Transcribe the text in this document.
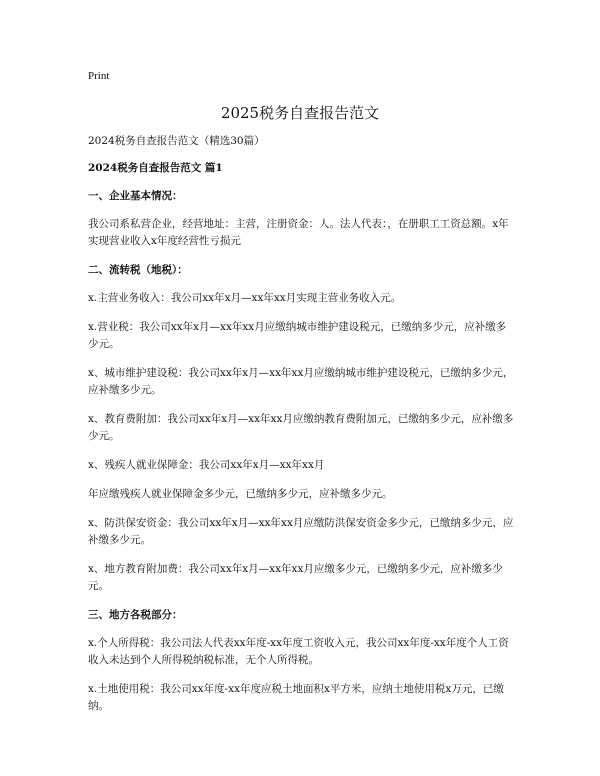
Print
2025税务自查报告范文

2024税务自查报告范文（精选30篇）

2024税务自查报告范文 篇1

一、企业基本情况：

我公司系私营企业，经营地址：主营，注册资金：人。法人代表：，在册职工工资总额。x年实现营业收入x年度经营性亏损元

二、流转税（地税）：

x.主营业务收入：我公司xx年x月—xx年xx月实现主营业务收入元。

x.营业税：我公司xx年x月—xx年xx月应缴纳城市维护建设税元，已缴纳多少元，应补缴多少元。

x、城市维护建设税：我公司xx年x月—xx年xx月应缴纳城市维护建设税元，已缴纳多少元，应补缴多少元。

x、教育费附加：我公司xx年x月—xx年xx月应缴纳教育费附加元，已缴纳多少元，应补缴多少元。

x、残疾人就业保障金：我公司xx年x月—xx年xx月

年应缴残疾人就业保障金多少元，已缴纳多少元，应补缴多少元。

x、防洪保安资金：我公司xx年x月—xx年xx月应缴防洪保安资金多少元，已缴纳多少元，应补缴多少元。

x、地方教育附加费：我公司xx年x月—xx年xx月应缴多少元，已缴纳多少元，应补缴多少元。

三、地方各税部分：

x.个人所得税：我公司法人代表xx年度-xx年度工资收入元，我公司xx年度-xx年度个人工资收入未达到个人所得税纳税标准，无个人所得税。

x.土地使用税：我公司xx年度-xx年度应税土地面积x平方米，应纳土地使用税x万元，已缴纳。
